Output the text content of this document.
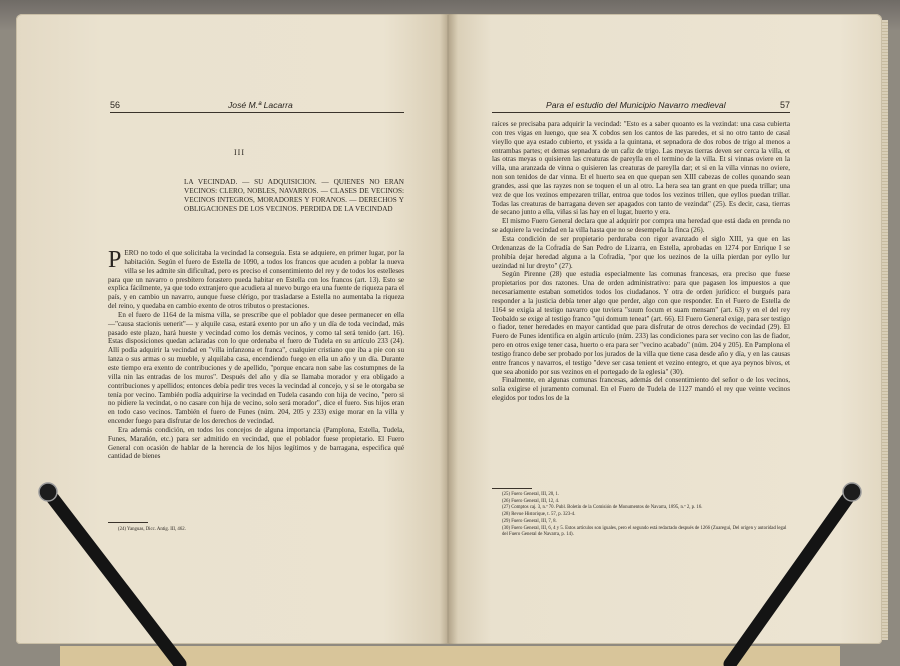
56	José M.ª Lacarra
III
LA VECINDAD. — SU ADQUISICION. — QUIENES NO ERAN VECINOS: CLERO, NOBLES, NAVARROS. — CLASES DE VECINOS: VECINOS INTEGROS, MORADORES Y FORANOS. — DERECHOS Y OBLIGACIONES DE LOS VECINOS. PERDIDA DE LA VECINDAD

PERO no todo el que solicitaba la vecindad la conseguía. Esta se adquiere, en primer lugar, por la habitación. Según el fuero de Estella de 1090, a todos los francos que acuden a poblar la nueva villa se les admite sin dificultad, pero es preciso el consentimiento del rey y de todos los estelleses para que un navarro o presbítero forastero pueda habitar en Estella con los francos (art. 13). Esto se explica fácilmente, ya que todo extranjero que acudiera al nuevo burgo era una fuente de riqueza para el país, y en cambio un navarro, aunque fuese clérigo, por trasladarse a Estella no aumentaba la riqueza del reino, y quedaba en cambio exento de otros tributos o prestaciones.

En el fuero de 1164 de la misma villa, se prescribe que el poblador que desee permanecer en ella —"causa stacionis uenerit"— y alquile casa, estará exento por un año y un día de toda vecindad, más pasado este plazo, hará hueste y vecindad como los demás vecinos, y como tal será tenido (art. 16). Estas disposiciones quedan aclaradas con lo que ordenaba el fuero de Tudela en su artículo 233 (24). Allí podía adquirir la vecindad en "villa infanzona et franca", cualquier cristiano que iba a pie con su lanza o sus armas o su mueble, y alquilaba casa, encendiendo fuego en ella un año y un día. Durante este tiempo era exento de contribuciones y de apellido, "porque encara non sabe las costumpnes de la villa nin las entradas de los muros". Después del año y día se llamaba morador y era obligado a contribuciones y apellidos; entonces debía pedir tres veces la vecindad al concejo, y si se le otorgaba se tenía por vecino. También podía adquirirse la vecindad en Tudela casando con hija de vecino, "pero si no pidiere la vecindat, o no casare con hija de vecino, solo será morador", dice el fuero. Sus hijos eran en todo caso vecinos. También el fuero de Funes (núm. 204, 205 y 233) exige morar en la villa y encender fuego para disfrutar de los derechos de vecindad.

Era además condición, en todos los concejos de alguna importancia (Pamplona, Estella, Tudela, Funes, Marañón, etc.) para ser admitido en vecindad, que el poblador fuese propietario. El Fuero General con ocasión de hablar de la herencia de los hijos legítimos y de barragana, especifica qué cantidad de bienes

(24) Yanguas, Dicc. Antig. III, 462.
Para el estudio del Municipio Navarro medieval	57

raíces se precisaba para adquirir la vecindad: "Esto es a saber quoanto es la vezindat: una casa cubierta con tres vigas en luengo, que sea X cobdos sen los cantos de las paredes, et si no otro tanto de casal vieyllo que aya estado cubierto, et yssida a la quintana, et sepnadora de dos robos de trigo al menos a entrambas partes; et demas sepnadura de un cafiz de trigo. Las meyas tierras deven ser cerca la villa, et las otras meyas o quisieren las creaturas de pareylla en el termino de la villa. Et si vinnas oviere en la villa, una aranzada de vinna o quisieren las creaturas de pareylla dar; et si en la villa vinnas no oviere, non son tenidos de dar vinna. Et el huerto sea en que quepan sen XIII cabezas de colles quoando sean grandes, assi que las rayzes non se toquen el un al otro. La hera sea tan grant en que pueda trillar; una vez de que los vezinos empezaren trillar, entroa que todos los vezinos trillen, que eyllos puedan trillar. Todas las creaturas de barragana deven ser apagados con tanto de vezindat" (25). Es decir, casa, tierras de secano junto a ella, viñas si las hay en el lugar, huerto y era.

El mismo Fuero General declara que al adquirir por compra una heredad que está dada en prenda no se adquiere la vecindad en la villa hasta que no se desempeña la finca (26).

Esta condición de ser propietario perduraba con rigor avanzado el siglo XIII, ya que en las Ordenanzas de la Cofradía de San Pedro de Lizarra, en Estella, aprobadas en 1274 por Enrique I se prohibía dejar heredad alguna a la Cofradía, "por que los uezinos de la uilla pierdan por eyllo lur uezindad ni lur dreyto" (27).

Según Pirenne (28) que estudia especialmente las comunas francesas, era preciso que fuese propietarios por dos razones. Una de orden administrativo: para que pagasen los impuestos a que necesariamente estaban sometidos todos los ciudadanos. Y otra de orden jurídico: el burgués para responder a la justicia debía tener algo que perder, algo con que responder. En el Fuero de Estella de 1164 se exigía al testigo navarro que tuviera "suum focum et suam mensam" (art. 63) y en el del rey Teobaldo se exige al testigo franco "qui domum teneat" (art. 66). El Fuero General exige, para ser testigo o fiador, tener heredades en mayor cantidad que para disfrutar de otros derechos de vecindad (29). El Fuero de Funes identifica en algún artículo (núm. 233) las condiciones para ser vecino con las de fiador, pero en otros exige tener casa, huerto o era para ser "vecino acabado" (núm. 204 y 205). En Pamplona el testigo franco debe ser probado por los jurados de la villa que tiene casa desde año y día, y en las causas entre francos y navarros, el testigo "deve ser casa tenient et vezino entegro, et que aya peynos bivos, et que sea abonido por sus vezinos en el portegado de la eglesia" (30).

Finalmente, en algunas comunas francesas, además del consentimiento del señor o de los vecinos, solía exigirse el juramento comunal. En el Fuero de Tudela de 1127 mandó el rey que veinte vecinos elegidos por todos los de la

(25) Fuero General, III, 20, 1.
(26) Fuero General, III, 12, 4.
(27) Comptos caj. 3, n.º 70. Publ. Boletín de la Comisión de Monumentos de Navarra, 1895, n.º 2, p. 16.
(28) Revue Historique, t. 57, p. 323-4.
(29) Fuero General, III, 7, 8.
(30) Fuero General, III, 6, 4 y 5. Estos artículos son iguales, pero el segundo está redactado después de 1266 (Zuaregui, Del origen y autoridad legal del Fuero General de Navarra, p. 14).
